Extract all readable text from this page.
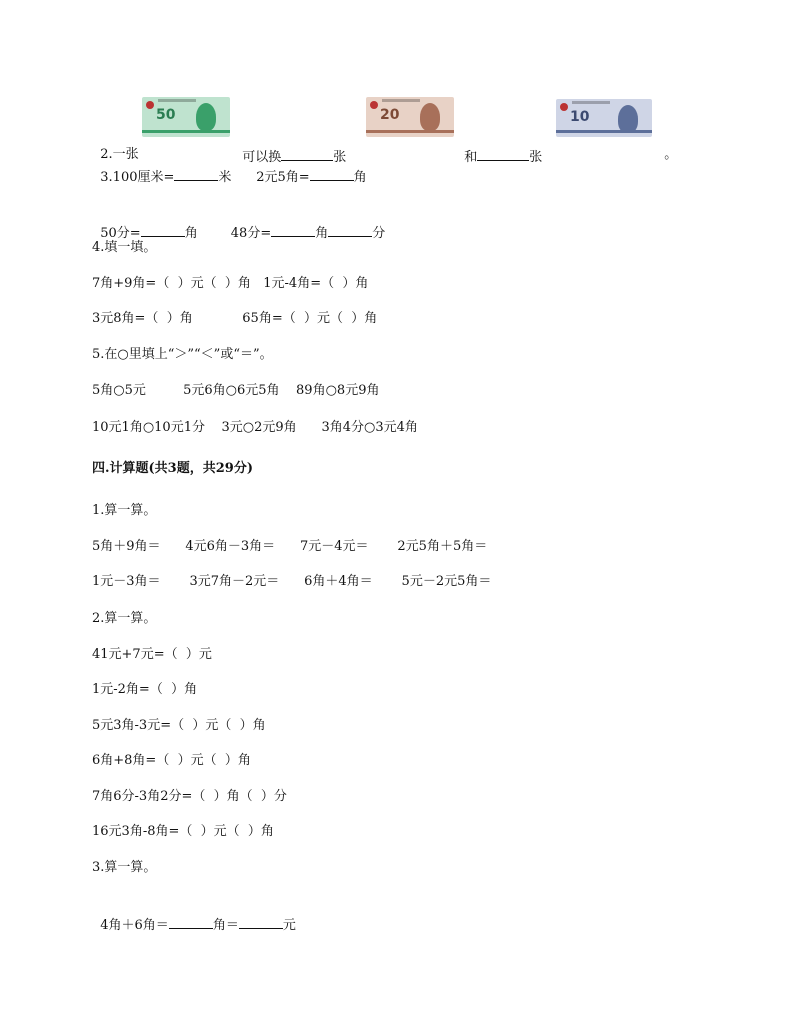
2.一张

50

可以换	张

20

和	张

10

。

3.100厘米=	米 2元5角=	角

50分=	角	48分=	角	分

4.填一填。
7角+9角=（  ）元（  ）角   1元-4角=（  ）角
3元8角=（  ）角            65角=（  ）元（  ）角
5.在○里填上“＞”“＜”或“＝”。
5角○5元         5元6角○6元5角    89角○8元9角
10元1角○10元1分    3元○2元9角      3角4分○3元4角
四.计算题(共3题，共29分)
1.算一算。
5角＋9角＝      4元6角－3角＝      7元－4元＝       2元5角＋5角＝
1元－3角＝       3元7角－2元＝      6角＋4角＝       5元－2元5角＝
2.算一算。
41元+7元=（  ）元
1元-2角=（  ）角
5元3角-3元=（  ）元（  ）角
6角+8角=（  ）元（  ）角
7角6分-3角2分=（  ）角（  ）分
16元3角-8角=（  ）元（  ）角
3.算一算。

4角＋6角＝	角＝	元
